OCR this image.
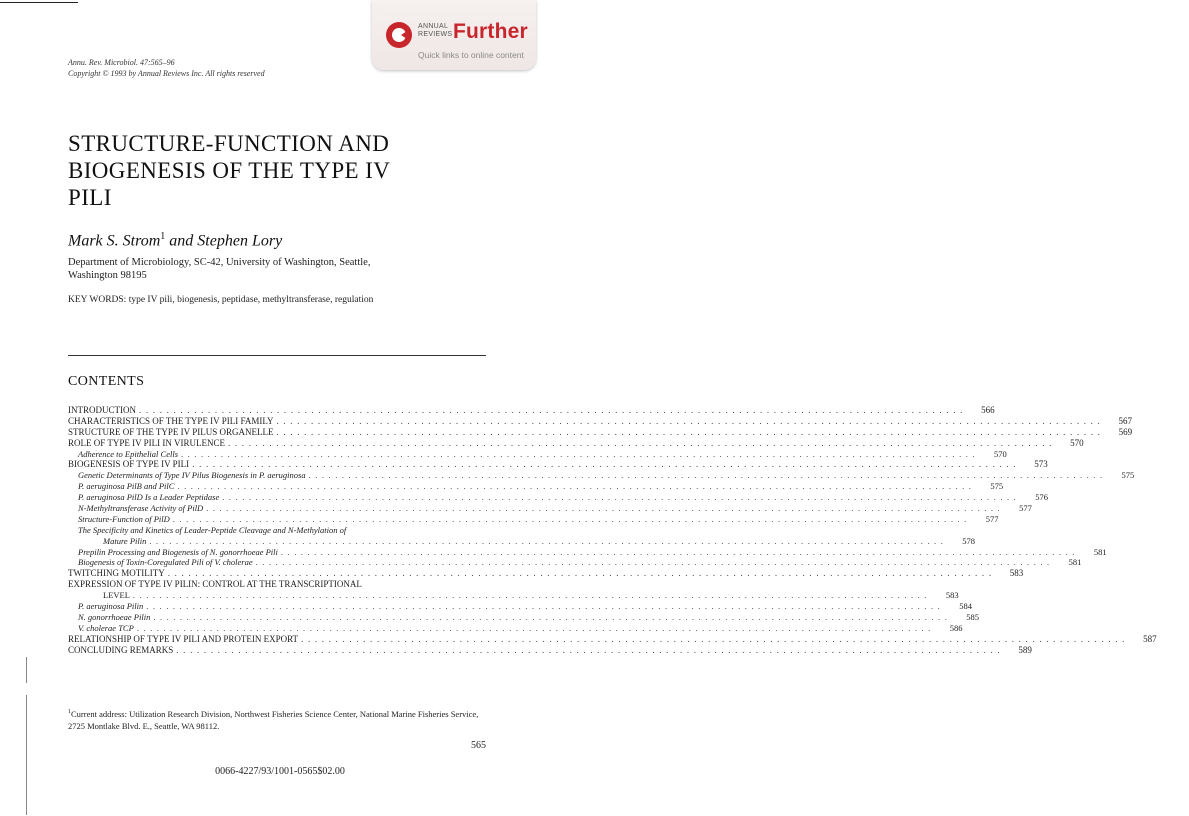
ANNUAL
REVIEWS Further
Quick links to online content
Annu. Rev. Microbiol. 47:565–96
Copyright © 1993 by Annual Reviews Inc. All rights reserved
STRUCTURE-FUNCTION AND
BIOGENESIS OF THE TYPE IV
PILI
Mark S. Strom$^1$ and Stephen Lory
Department of Microbiology, SC-42, University of Washington, Seattle,
Washington 98195
KEY WORDS: type IV pili, biogenesis, peptidase, methyltransferase, regulation
CONTENTS
INTRODUCTION . . . . . . . . . . . . . . . . . . . . . . . . . . . . . . . . . . . . . . . . . . . . . . . . . . . . . . . . . . . . . . . . . . . . . . . . . . . . . . . . . . . . . . . . . . . . . . . . . . . . . . . . . . . . . . . . . . . . . . . .	566
CHARACTERISTICS OF THE TYPE IV PILI FAMILY . . . . . . . . . . . . . . . . . . . . . . . . . . . . . . . . . . . . . . . . . . . . . . . . . . . . . . . . . . . . . . . . . . . . . . . . . . . . . . . . . . . . . . . . . . . . . . . . . . . . . . . . . . . . . . . . . . . . . . . .	567
STRUCTURE OF THE TYPE IV PILUS ORGANELLE . . . . . . . . . . . . . . . . . . . . . . . . . . . . . . . . . . . . . . . . . . . . . . . . . . . . . . . . . . . . . . . . . . . . . . . . . . . . . . . . . . . . . . . . . . . . . . . . . . . . . . . . . . . . . . . . . . . . . . . .	569
ROLE OF TYPE IV PILI IN VIRULENCE . . . . . . . . . . . . . . . . . . . . . . . . . . . . . . . . . . . . . . . . . . . . . . . . . . . . . . . . . . . . . . . . . . . . . . . . . . . . . . . . . . . . . . . . . . . . . . . . . . . . . . . . . . . . . . . . . . . . . . . .	570
Adherence to Epithelial Cells . . . . . . . . . . . . . . . . . . . . . . . . . . . . . . . . . . . . . . . . . . . . . . . . . . . . . . . . . . . . . . . . . . . . . . . . . . . . . . . . . . . . . . . . . . . . . . . . . . . . . . . . . . . . . . . . . . . . . . . .	570
BIOGENESIS OF TYPE IV PILI . . . . . . . . . . . . . . . . . . . . . . . . . . . . . . . . . . . . . . . . . . . . . . . . . . . . . . . . . . . . . . . . . . . . . . . . . . . . . . . . . . . . . . . . . . . . . . . . . . . . . . . . . . . . . . . . . . . . . . . .	573
Genetic Determinants of Type IV Pilus Biogenesis in P. aeruginosa . . . . . . . . . . . . . . . . . . . . . . . . . . . . . . . . . . . . . . . . . . . . . . . . . . . . . . . . . . . . . . . . . . . . . . . . . . . . . . . . . . . . . . . . . . . . . . . . . . . . . . . . . . . . . . . . . . . . . . . .	575
P. aeruginosa PilB and PilC . . . . . . . . . . . . . . . . . . . . . . . . . . . . . . . . . . . . . . . . . . . . . . . . . . . . . . . . . . . . . . . . . . . . . . . . . . . . . . . . . . . . . . . . . . . . . . . . . . . . . . . . . . . . . . . . . . . . . . . .	575
P. aeruginosa PilD Is a Leader Peptidase . . . . . . . . . . . . . . . . . . . . . . . . . . . . . . . . . . . . . . . . . . . . . . . . . . . . . . . . . . . . . . . . . . . . . . . . . . . . . . . . . . . . . . . . . . . . . . . . . . . . . . . . . . . . . . . . . . . . . . . .	576
N-Methyltransferase Activity of PilD . . . . . . . . . . . . . . . . . . . . . . . . . . . . . . . . . . . . . . . . . . . . . . . . . . . . . . . . . . . . . . . . . . . . . . . . . . . . . . . . . . . . . . . . . . . . . . . . . . . . . . . . . . . . . . . . . . . . . . . .	577
Structure-Function of PilD . . . . . . . . . . . . . . . . . . . . . . . . . . . . . . . . . . . . . . . . . . . . . . . . . . . . . . . . . . . . . . . . . . . . . . . . . . . . . . . . . . . . . . . . . . . . . . . . . . . . . . . . . . . . . . . . . . . . . . . .	577
The Specificity and Kinetics of Leader-Peptide Cleavage and N-Methylation of
Mature Pilin . . . . . . . . . . . . . . . . . . . . . . . . . . . . . . . . . . . . . . . . . . . . . . . . . . . . . . . . . . . . . . . . . . . . . . . . . . . . . . . . . . . . . . . . . . . . . . . . . . . . . . . . . . . . . . . . . . . . . . . .	578
Prepilin Processing and Biogenesis of N. gonorrhoeae Pili . . . . . . . . . . . . . . . . . . . . . . . . . . . . . . . . . . . . . . . . . . . . . . . . . . . . . . . . . . . . . . . . . . . . . . . . . . . . . . . . . . . . . . . . . . . . . . . . . . . . . . . . . . . . . . . . . . . . . . . .	581
Biogenesis of Toxin-Coregulated Pili of V. cholerae . . . . . . . . . . . . . . . . . . . . . . . . . . . . . . . . . . . . . . . . . . . . . . . . . . . . . . . . . . . . . . . . . . . . . . . . . . . . . . . . . . . . . . . . . . . . . . . . . . . . . . . . . . . . . . . . . . . . . . . .	581
TWITCHING MOTILITY . . . . . . . . . . . . . . . . . . . . . . . . . . . . . . . . . . . . . . . . . . . . . . . . . . . . . . . . . . . . . . . . . . . . . . . . . . . . . . . . . . . . . . . . . . . . . . . . . . . . . . . . . . . . . . . . . . . . . . . .	583
EXPRESSION OF TYPE IV PILIN: CONTROL AT THE TRANSCRIPTIONAL
LEVEL . . . . . . . . . . . . . . . . . . . . . . . . . . . . . . . . . . . . . . . . . . . . . . . . . . . . . . . . . . . . . . . . . . . . . . . . . . . . . . . . . . . . . . . . . . . . . . . . . . . . . . . . . . . . . . . . . . . . . . . .	583
P. aeruginosa Pilin . . . . . . . . . . . . . . . . . . . . . . . . . . . . . . . . . . . . . . . . . . . . . . . . . . . . . . . . . . . . . . . . . . . . . . . . . . . . . . . . . . . . . . . . . . . . . . . . . . . . . . . . . . . . . . . . . . . . . . . .	584
N. gonorrhoeae Pilin . . . . . . . . . . . . . . . . . . . . . . . . . . . . . . . . . . . . . . . . . . . . . . . . . . . . . . . . . . . . . . . . . . . . . . . . . . . . . . . . . . . . . . . . . . . . . . . . . . . . . . . . . . . . . . . . . . . . . . . .	585
V. cholerae TCP . . . . . . . . . . . . . . . . . . . . . . . . . . . . . . . . . . . . . . . . . . . . . . . . . . . . . . . . . . . . . . . . . . . . . . . . . . . . . . . . . . . . . . . . . . . . . . . . . . . . . . . . . . . . . . . . . . . . . . . .	586
RELATIONSHIP OF TYPE IV PILI AND PROTEIN EXPORT . . . . . . . . . . . . . . . . . . . . . . . . . . . . . . . . . . . . . . . . . . . . . . . . . . . . . . . . . . . . . . . . . . . . . . . . . . . . . . . . . . . . . . . . . . . . . . . . . . . . . . . . . . . . . . . . . . . . . . . .	587
CONCLUDING REMARKS . . . . . . . . . . . . . . . . . . . . . . . . . . . . . . . . . . . . . . . . . . . . . . . . . . . . . . . . . . . . . . . . . . . . . . . . . . . . . . . . . . . . . . . . . . . . . . . . . . . . . . . . . . . . . . . . . . . . . . . .	589
$^1$Current address: Utilization Research Division, Northwest Fisheries Science Center, National Marine Fisheries Service, 2725 Montlake Blvd. E., Seattle, WA 98112.
565
0066-4227/93/1001-0565$02.00
